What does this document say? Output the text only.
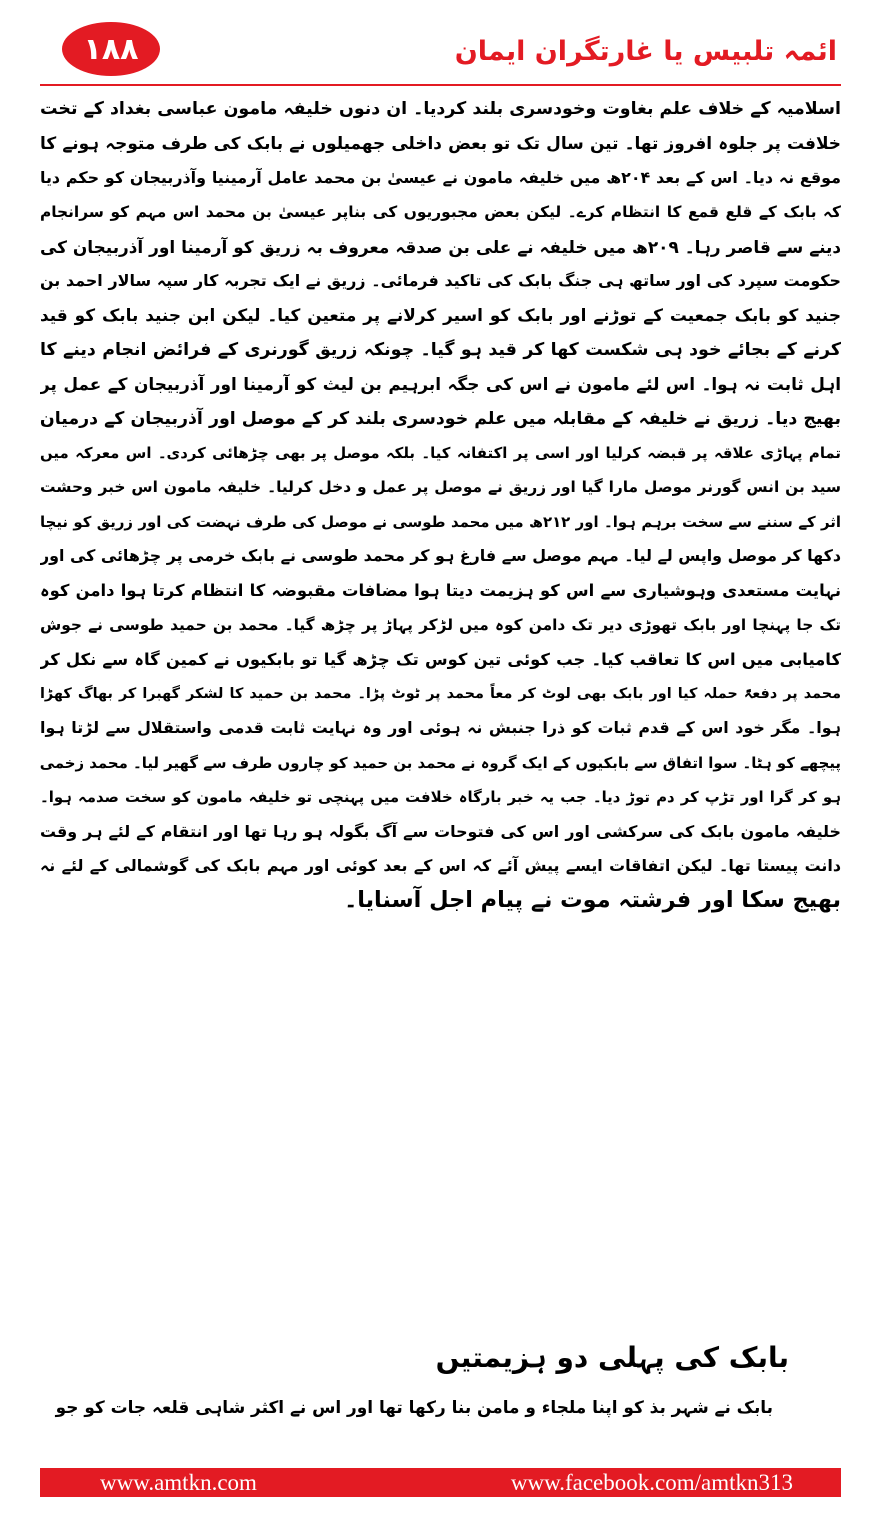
۱۸۸	ائمہ تلبیس یا غارتگران ایمان
اسلامیہ کے خلاف علم بغاوت وخودسری بلند کردیا۔ ان دنوں خلیفہ مامون عباسی بغداد کے تخت
خلافت پر جلوہ افروز تھا۔ تین سال تک تو بعض داخلی جھمیلوں نے بابک کی طرف متوجہ ہونے کا
موقع نہ دیا۔ اس کے بعد ۲۰۴ھ میں خلیفہ مامون نے عیسیٰ بن محمد عامل آرمینیا وآذربیجان کو حکم دیا
کہ بابک کے قلع قمع کا انتظام کرے۔ لیکن بعض مجبوریوں کی بناپر عیسیٰ بن محمد اس مہم کو سرانجام
دینے سے قاصر رہا۔ ۲۰۹ھ میں خلیفہ نے علی بن صدقہ معروف بہ زریق کو آرمینا اور آذربیجان کی
حکومت سپرد کی اور ساتھ ہی جنگ بابک کی تاکید فرمائی۔ زریق نے ایک تجربہ کار سپہ سالار احمد بن
جنید کو بابک جمعیت کے توڑنے اور بابک کو اسیر کرلانے پر متعین کیا۔ لیکن ابن جنید بابک کو قید
کرنے کے بجائے خود ہی شکست کھا کر قید ہو گیا۔ چونکہ زریق گورنری کے فرائض انجام دینے کا
اہل ثابت نہ ہوا۔ اس لئے مامون نے اس کی جگہ ابرہیم بن لیث کو آرمینا اور آذربیجان کے عمل پر
بھیج دیا۔ زریق نے خلیفہ کے مقابلہ میں علم خودسری بلند کر کے موصل اور آذربیجان کے درمیان
تمام پہاڑی علاقہ پر قبضہ کرلیا اور اسی پر اکتفانہ کیا۔ بلکہ موصل پر بھی چڑھائی کردی۔ اس معرکہ میں
سید بن انس گورنر موصل مارا گیا اور زریق نے موصل پر عمل و دخل کرلیا۔ خلیفہ مامون اس خبر وحشت
اثر کے سننے سے سخت برہم ہوا۔ اور ۲۱۲ھ میں محمد طوسی نے موصل کی طرف نہضت کی اور زریق کو نیچا
دکھا کر موصل واپس لے لیا۔ مہم موصل سے فارغ ہو کر محمد طوسی نے بابک خرمی پر چڑھائی کی اور
نہایت مستعدی وہوشیاری سے اس کو ہزیمت دیتا ہوا مضافات مقبوضہ کا انتظام کرتا ہوا دامن کوہ
تک جا پہنچا اور بابک تھوڑی دیر تک دامن کوہ میں لڑکر پہاڑ پر چڑھ گیا۔ محمد بن حمید طوسی نے جوش
کامیابی میں اس کا تعاقب کیا۔ جب کوئی تین کوس تک چڑھ گیا تو بابکیوں نے کمین گاہ سے نکل کر
محمد پر دفعۃً حملہ کیا اور بابک بھی لوٹ کر معاً محمد پر ٹوٹ پڑا۔ محمد بن حمید کا لشکر گھبرا کر بھاگ کھڑا
ہوا۔ مگر خود اس کے قدم ثبات کو ذرا جنبش نہ ہوئی اور وہ نہایت ثابت قدمی واستقلال سے لڑتا ہوا
پیچھے کو ہٹا۔ سوا اتفاق سے بابکیوں کے ایک گروہ نے محمد بن حمید کو چاروں طرف سے گھیر لیا۔ محمد زخمی
ہو کر گرا اور تڑپ کر دم توڑ دیا۔ جب یہ خبر بارگاہ خلافت میں پہنچی تو خلیفہ مامون کو سخت صدمہ ہوا۔
خلیفہ مامون بابک کی سرکشی اور اس کی فتوحات سے آگ بگولہ ہو رہا تھا اور انتقام کے لئے ہر وقت
دانت پیستا تھا۔ لیکن اتفاقات ایسے پیش آئے کہ اس کے بعد کوئی اور مہم بابک کی گوشمالی کے لئے نہ
بھیج سکا اور فرشتہ موت نے پیام اجل آسنایا۔
بابک کی پہلی دو ہزیمتیں
بابک نے شہر بذ کو اپنا ملجاء و مامن بنا رکھا تھا اور اس نے اکثر شاہی قلعہ جات کو جو
www.amtkn.com	www.facebook.com/amtkn313
